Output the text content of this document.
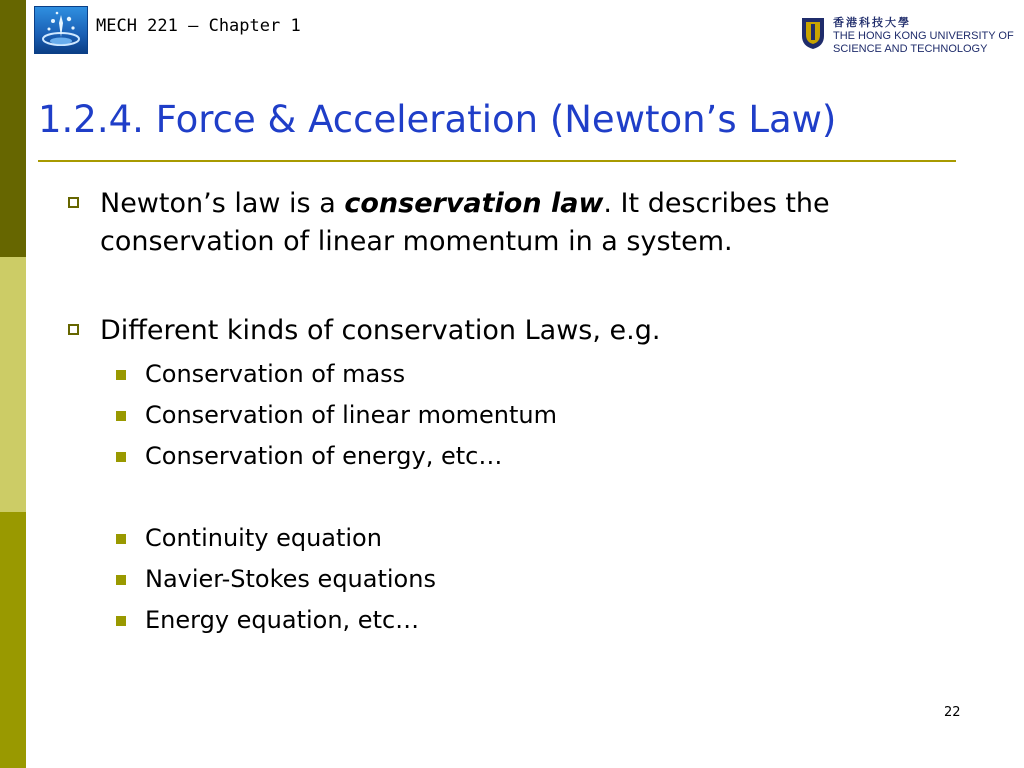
MECH 221 – Chapter 1	香港科技大學
THE HONG KONG UNIVERSITY OF
SCIENCE AND TECHNOLOGY
1.2.4. Force & Acceleration (Newton’s Law)
Newton’s law is a conservation law. It describes the conservation of linear momentum in a system.
Different kinds of conservation Laws, e.g.
Conservation of mass
Conservation of linear momentum
Conservation of energy, etc…
Continuity equation
Navier-Stokes equations
Energy equation, etc…
22
